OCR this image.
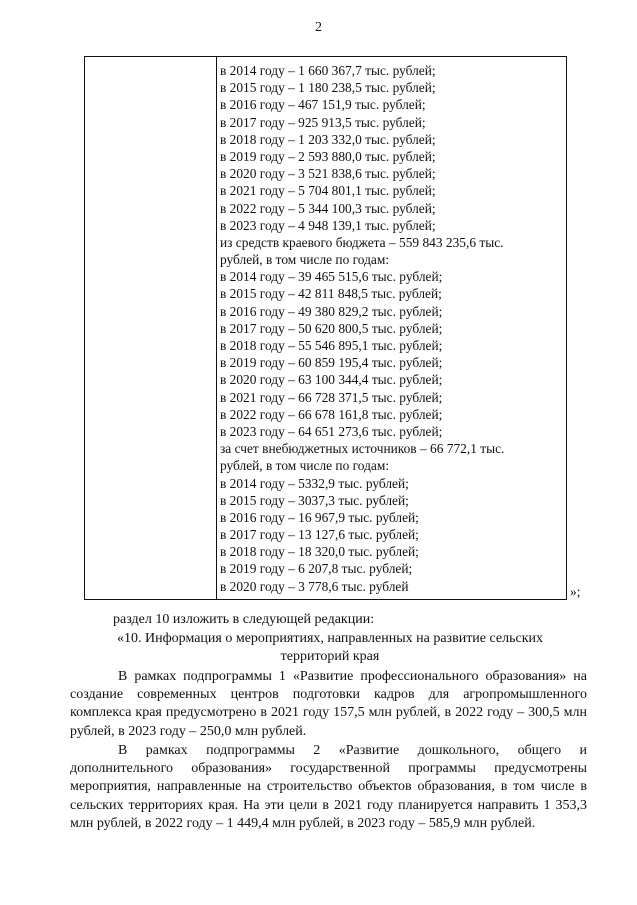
2
в 2014 году – 1 660 367,7 тыс. рублей;
в 2015 году – 1 180 238,5 тыс. рублей;
в 2016 году – 467 151,9 тыс. рублей;
в 2017 году – 925 913,5 тыс. рублей;
в 2018 году – 1 203 332,0 тыс. рублей;
в 2019 году – 2 593 880,0 тыс. рублей;
в 2020 году – 3 521 838,6 тыс. рублей;
в 2021 году – 5 704 801,1 тыс. рублей;
в 2022 году – 5 344 100,3 тыс. рублей;
в 2023 году – 4 948 139,1 тыс. рублей;
из средств краевого бюджета – 559 843 235,6 тыс.
рублей, в том числе по годам:
в 2014 году – 39 465 515,6 тыс. рублей;
в 2015 году – 42 811 848,5 тыс. рублей;
в 2016 году – 49 380 829,2 тыс. рублей;
в 2017 году – 50 620 800,5 тыс. рублей;
в 2018 году – 55 546 895,1 тыс. рублей;
в 2019 году – 60 859 195,4 тыс. рублей;
в 2020 году – 63 100 344,4 тыс. рублей;
в 2021 году – 66 728 371,5 тыс. рублей;
в 2022 году – 66 678 161,8 тыс. рублей;
в 2023 году – 64 651 273,6 тыс. рублей;
за счет внебюджетных источников – 66 772,1 тыс.
рублей, в том числе по годам:
в 2014 году – 5332,9 тыс. рублей;
в 2015 году – 3037,3 тыс. рублей;
в 2016 году – 16 967,9 тыс. рублей;
в 2017 году – 13 127,6 тыс. рублей;
в 2018 году – 18 320,0 тыс. рублей;
в 2019 году – 6 207,8 тыс. рублей;
в 2020 году – 3 778,6 тыс. рублей	»;
раздел 10 изложить в следующей редакции:
«10. Информация о мероприятиях, направленных на развитие сельских
территорий края

В рамках подпрограммы 1 «Развитие профессионального образования» на создание современных центров подготовки кадров для агропромышленного комплекса края предусмотрено в 2021 году 157,5 млн рублей, в 2022 году – 300,5 млн рублей, в 2023 году – 250,0 млн рублей.

В рамках подпрограммы 2 «Развитие дошкольного, общего и дополнительного образования» государственной программы предусмотрены мероприятия, направленные на строительство объектов образования, в том числе в сельских территориях края. На эти цели в 2021 году планируется направить 1 353,3 млн рублей, в 2022 году – 1 449,4 млн рублей, в 2023 году – 585,9 млн рублей.
